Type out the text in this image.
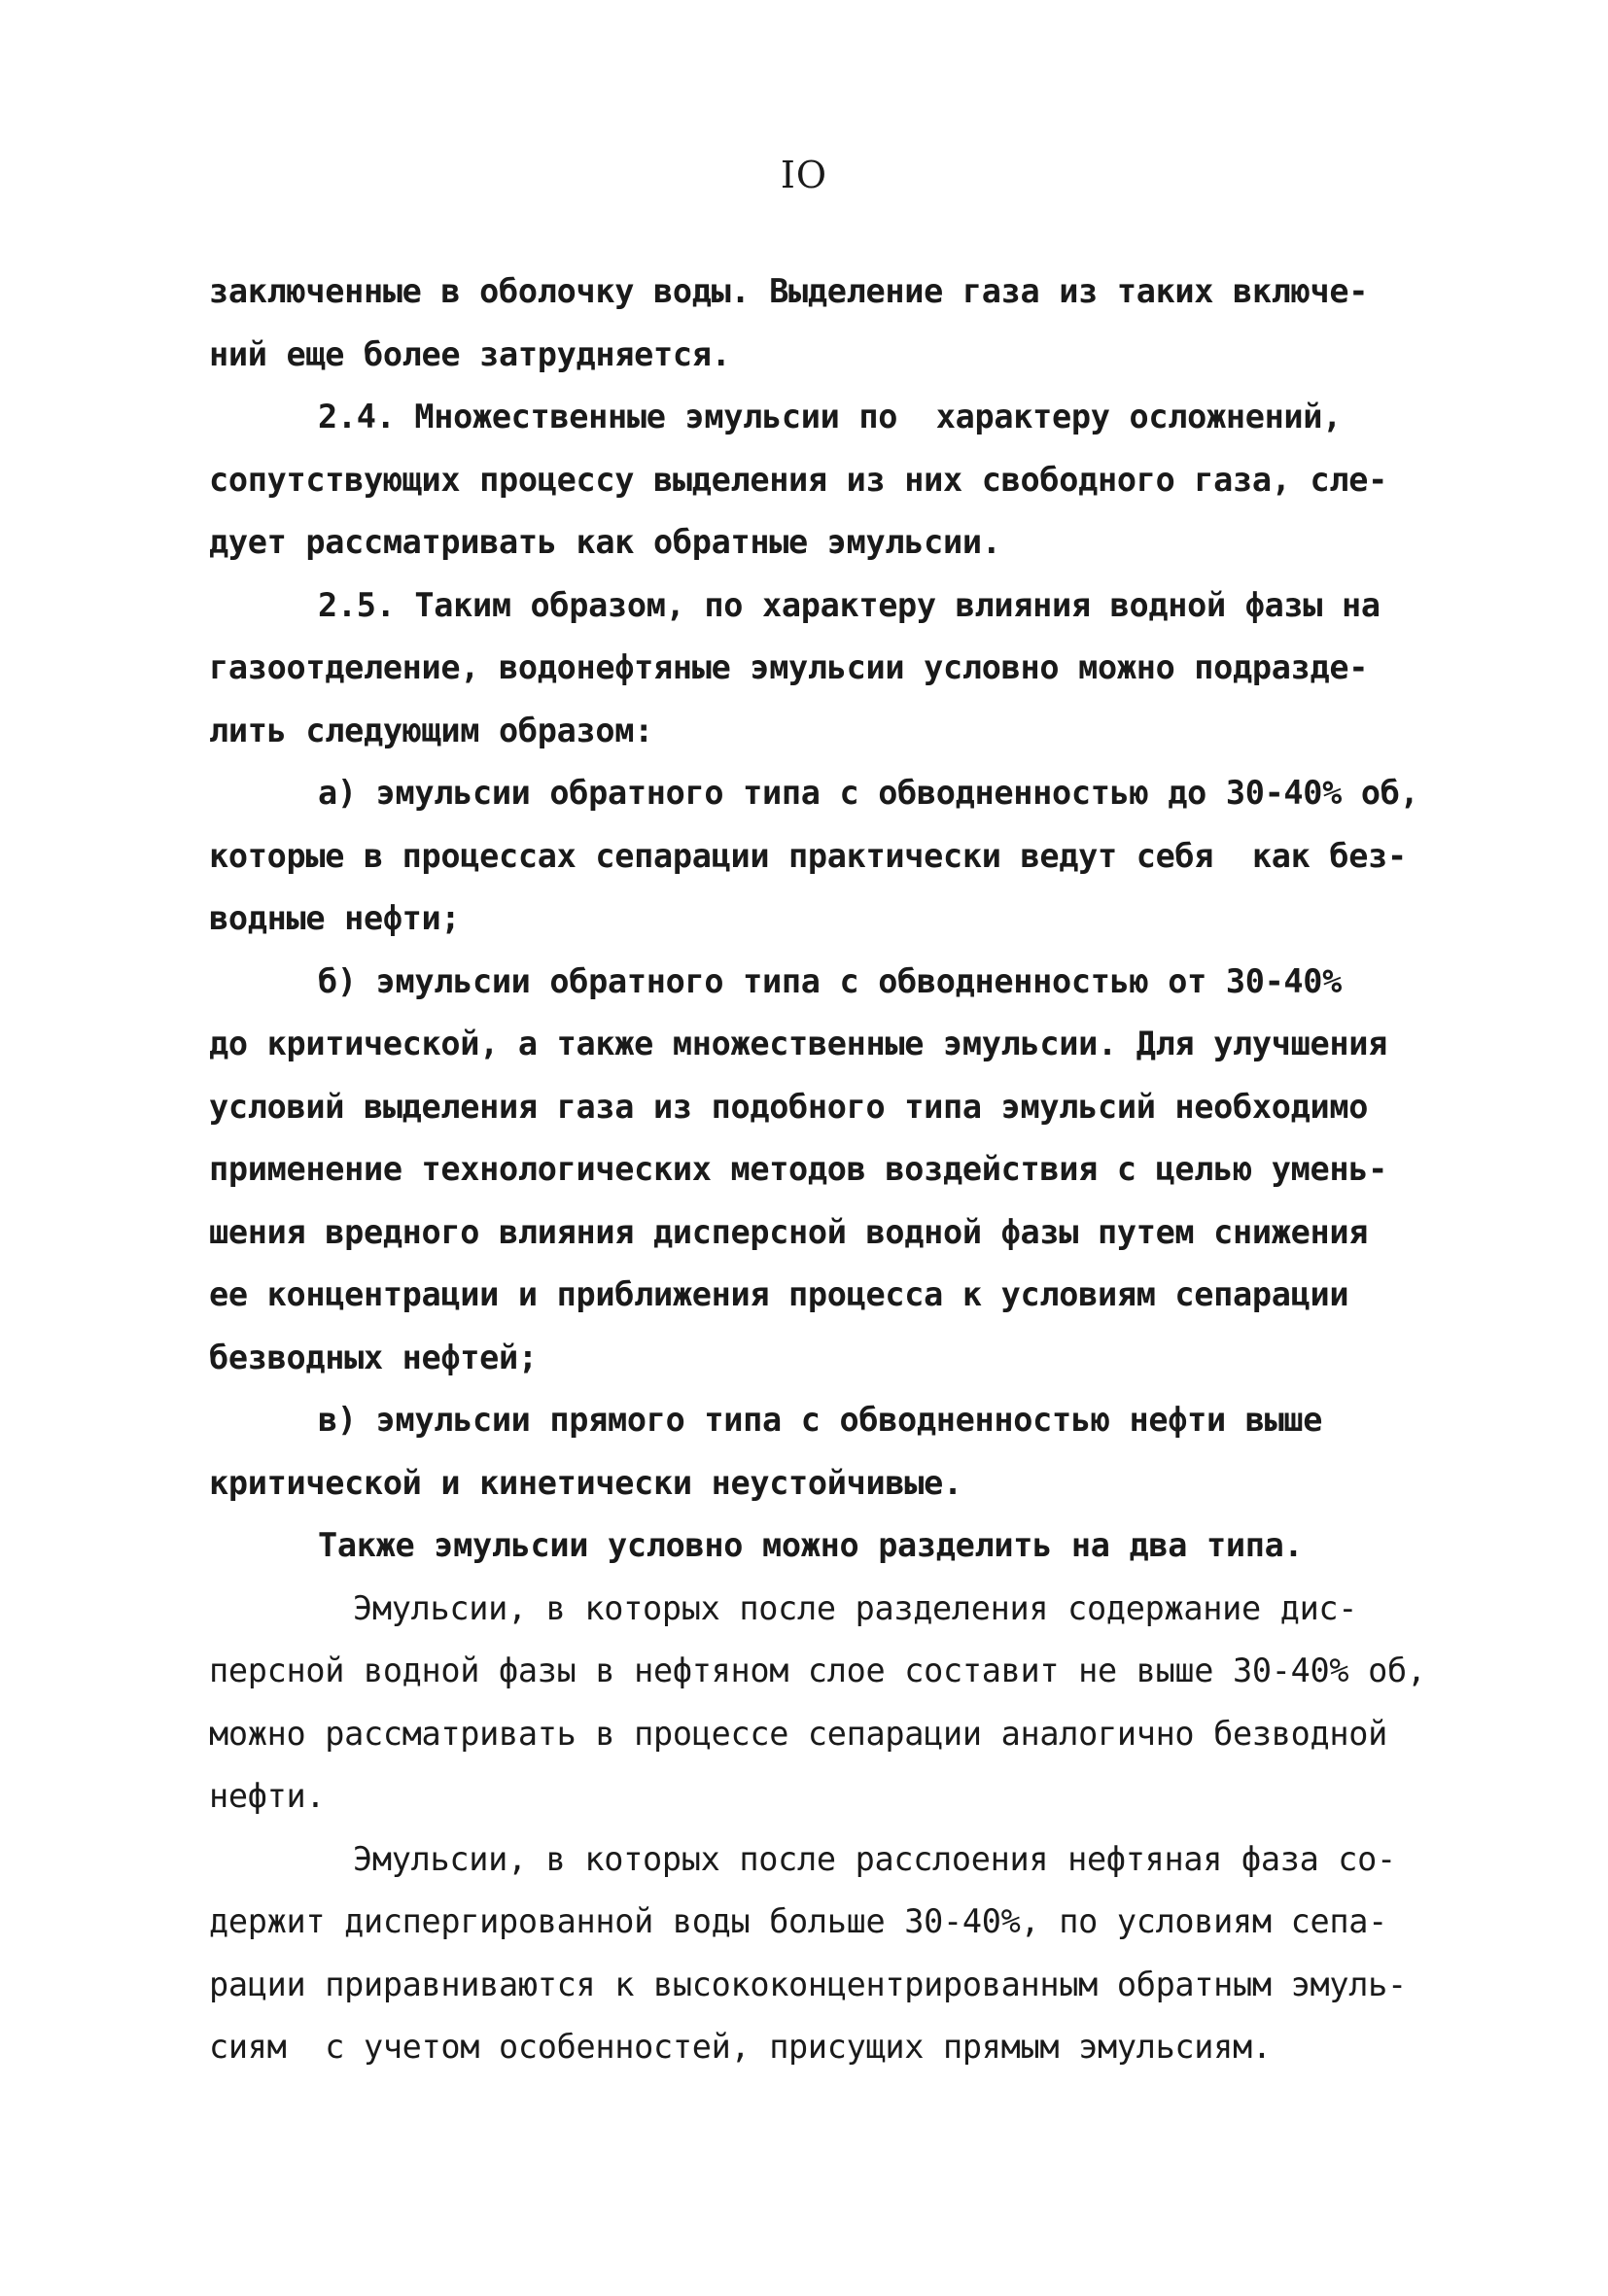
IO
заключенные в оболочку воды. Выделение газа из таких включе-
ний еще более затрудняется.
2.4. Множественные эмульсии по  характеру осложнений,
сопутствующих процессу выделения из них свободного газа, сле-
дует рассматривать как обратные эмульсии.
2.5. Таким образом, по характеру влияния водной фазы на
газоотделение, водонефтяные эмульсии условно можно подразде-
лить следующим образом:
а) эмульсии обратного типа с обводненностью до 30-40% об,
которые в процессах сепарации практически ведут себя  как без-
водные нефти;
б) эмульсии обратного типа с обводненностью от 30-40%
до критической, а также множественные эмульсии. Для улучшения
условий выделения газа из подобного типа эмульсий необходимо
применение технологических методов воздействия с целью умень-
шения вредного влияния дисперсной водной фазы путем снижения
ее концентрации и приближения процесса к условиям сепарации
безводных нефтей;
в) эмульсии прямого типа с обводненностью нефти выше
критической и кинетически неустойчивые.
Также эмульсии условно можно разделить на два типа.
Эмульсии, в которых после разделения содержание дис-
персной водной фазы в нефтяном слое составит не выше 30-40% об,
можно рассматривать в процессе сепарации аналогично безводной
нефти.
Эмульсии, в которых после расслоения нефтяная фаза со-
держит диспергированной воды больше 30-40%, по условиям сепа-
рации приравниваются к высококонцентрированным обратным эмуль-
сиям  с учетом особенностей, присущих прямым эмульсиям.
